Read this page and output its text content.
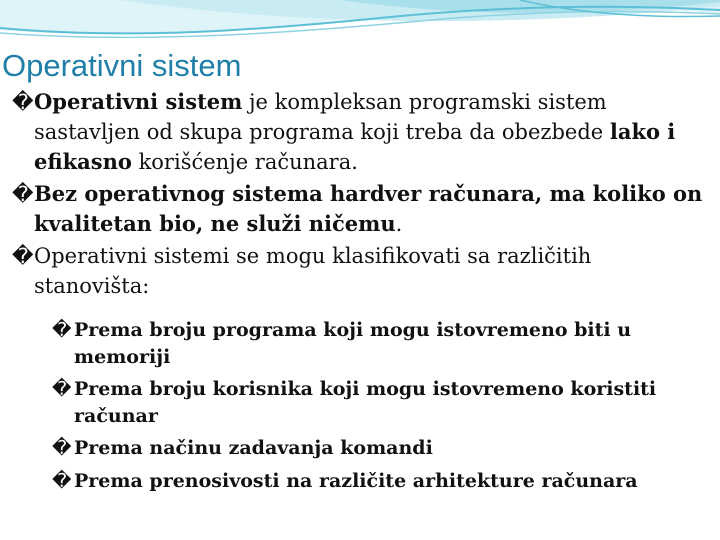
Operativni sistem
� Operativni sistem je kompleksan programski sistem sastavljen od skupa programa koji treba da obezbede lako i efikasno korišćenje računara.
� Bez operativnog sistema hardver računara, ma koliko on kvalitetan bio, ne služi ničemu.
� Operativni sistemi se mogu klasifikovati sa različitih stanovišta:
� Prema broju programa koji mogu istovremeno biti u memoriji
� Prema broju korisnika koji mogu istovremeno koristiti računar
� Prema načinu zadavanja komandi
� Prema prenosivosti na različite arhitekture računara
